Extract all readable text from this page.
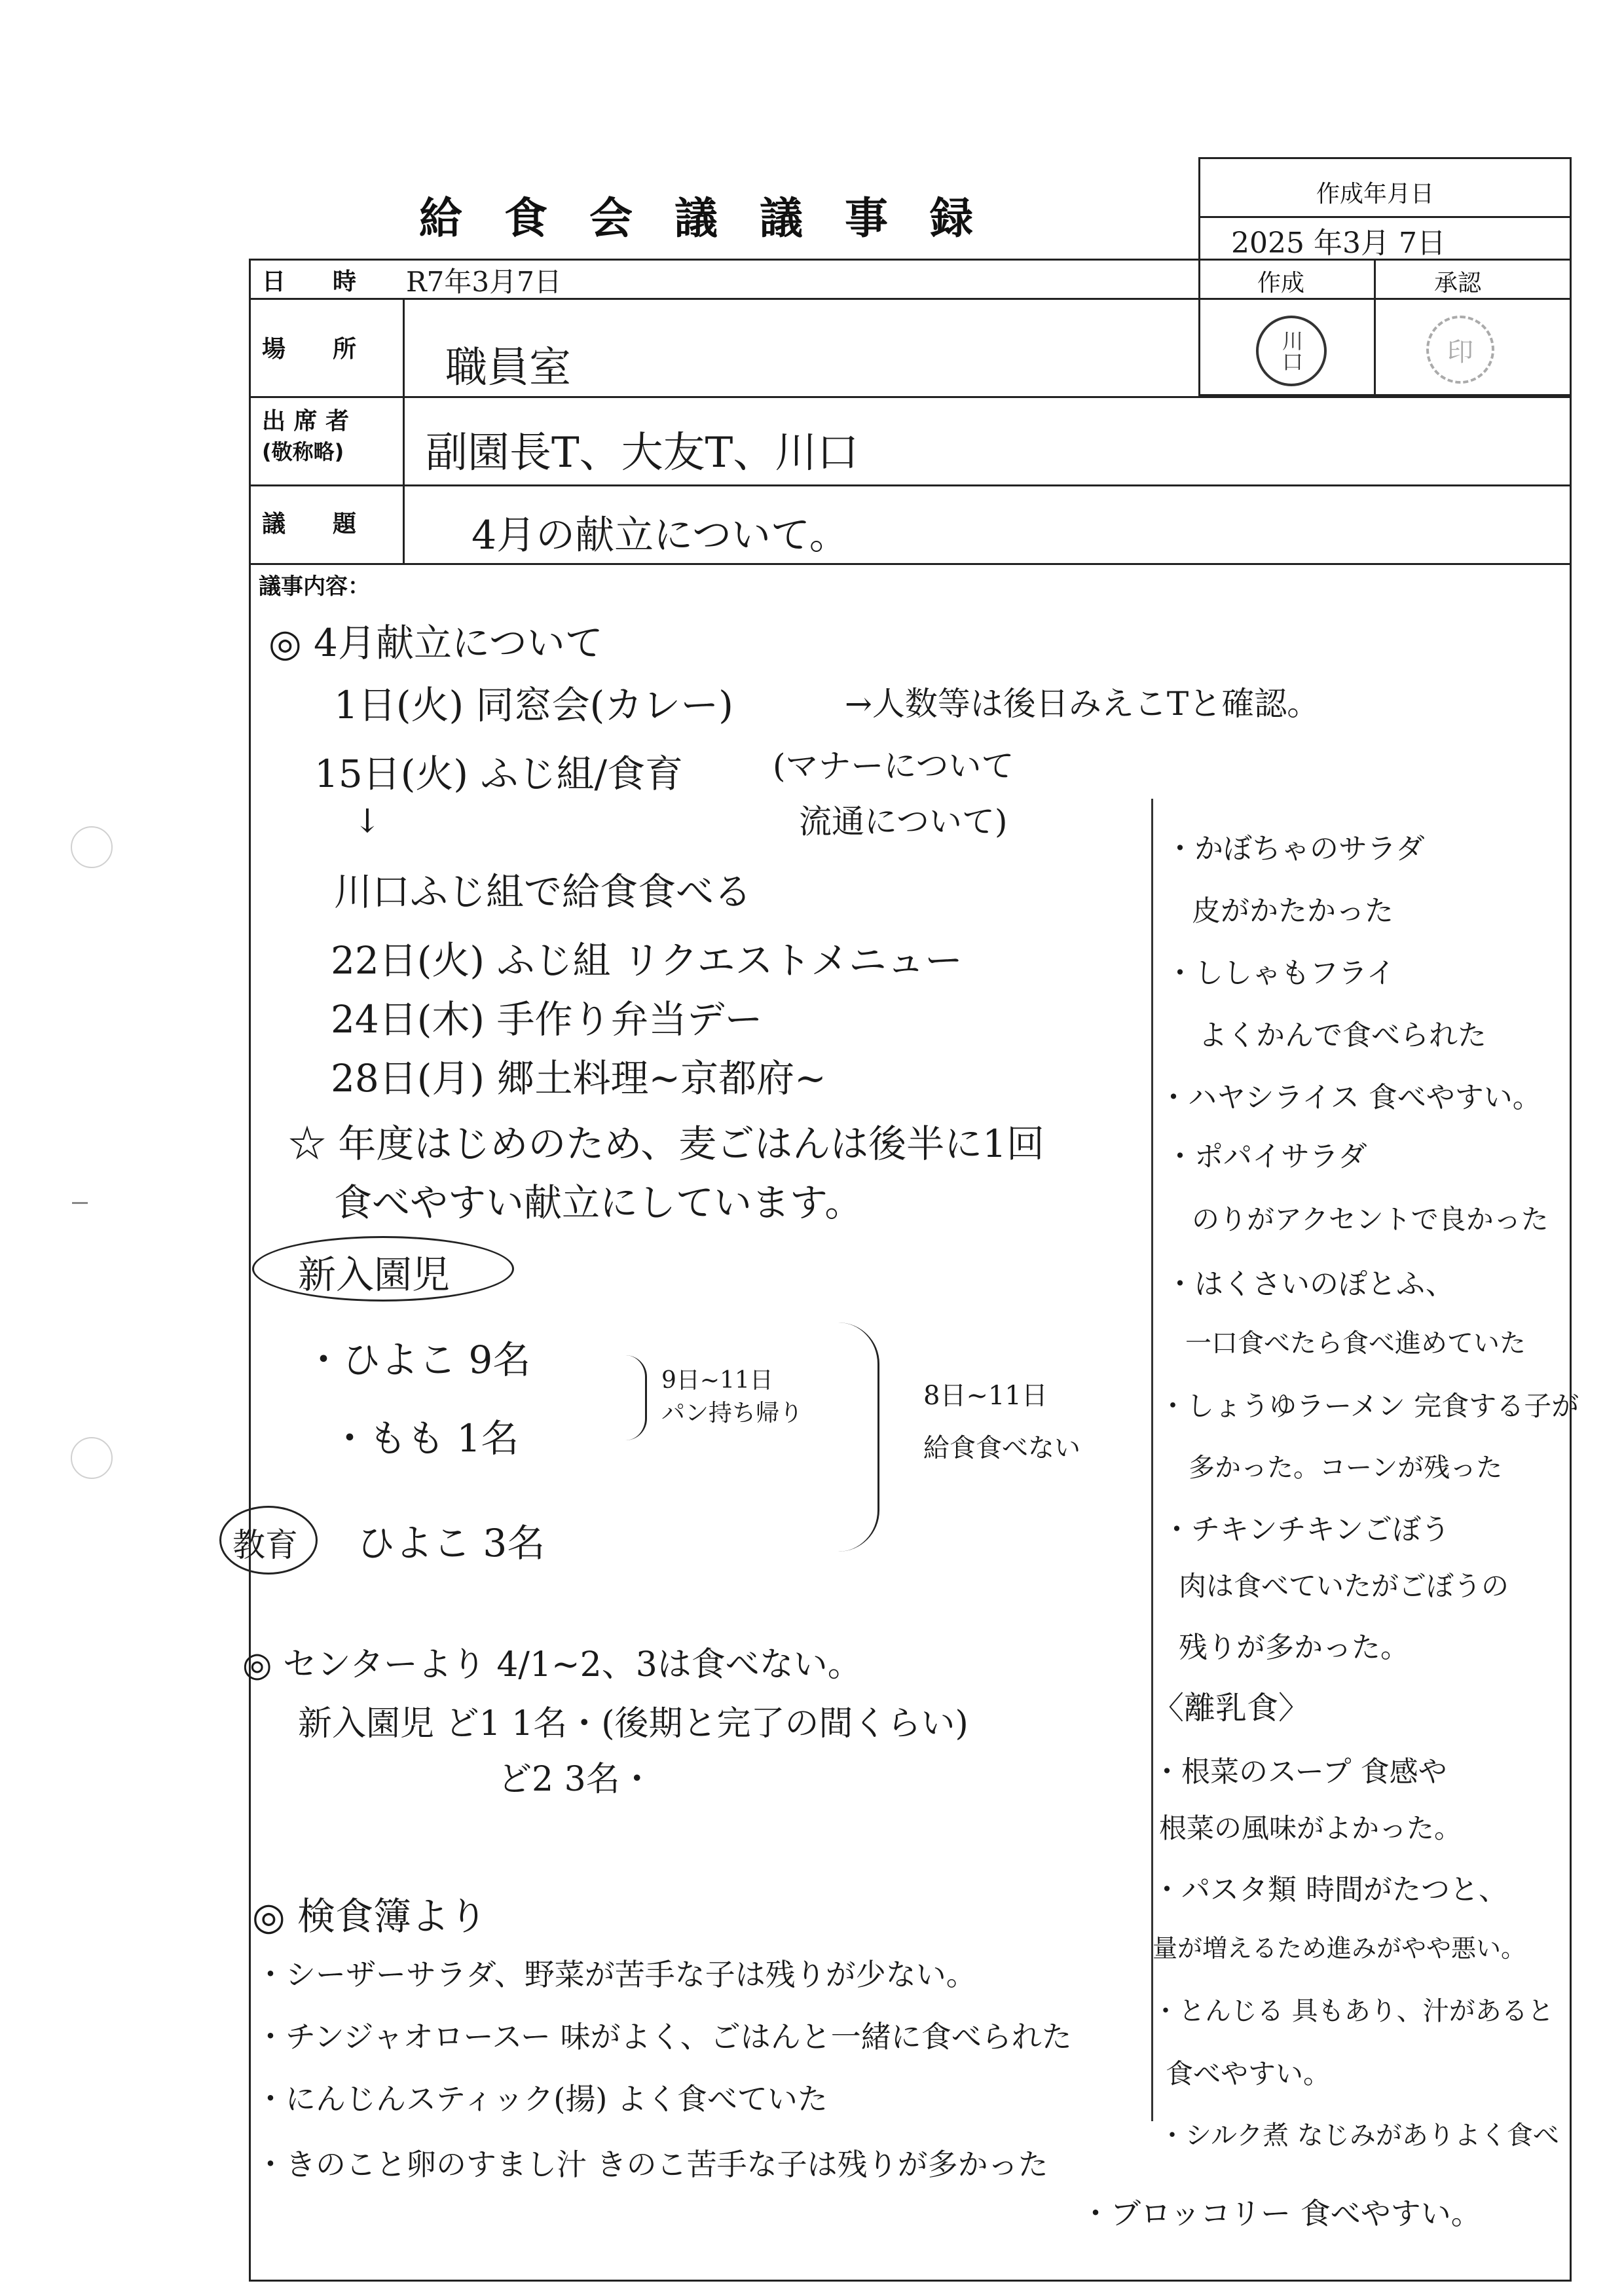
給食会議議事録	作成年月日
2025 年3月 7日
作成	承認
川口	印
日　　時 R7年3月7日
場　　所 職員室
出 席 者
(敬称略) 副園長T、大友T、川口
議　　題	4月の献立について。
議事内容：
◎ 4月献立について
1日(火) 同窓会(カレー)	→人数等は後日みえこTと確認。
15日(火) ふじ組/食育	(マナーについて
流通について)
↓
川口ふじ組で給食食べる
22日(火) ふじ組 リクエストメニュー
24日(木) 手作り弁当デー
28日(月) 郷土料理~京都府~
☆ 年度はじめのため、麦ごはんは後半に1回
食べやすい献立にしています。
新入園児
・ひよこ 9名
・もも 1名
教育 ひよこ 3名
9日~11日
パン持ち帰り
8日~11日
給食食べない
◎ センターより 4/1~2、3は食べない。
新入園児 ど1 1名・(後期と完了の間くらい)
ど2 3名・
◎ 検食簿より
・シーザーサラダ、野菜が苦手な子は残りが少ない。
・チンジャオロースー 味がよく、ごはんと一緒に食べられた
・にんじんスティック(揚) よく食べていた
・きのこと卵のすまし汁 きのこ苦手な子は残りが多かった
・ブロッコリー 食べやすい。
・かぼちゃのサラダ
皮がかたかった
・ししゃもフライ
よくかんで食べられた
・ハヤシライス 食べやすい。
・ポパイサラダ
のりがアクセントで良かった
・はくさいのぽとふ、
一口食べたら食べ進めていた
・しょうゆラーメン 完食する子が
多かった。コーンが残った
・チキンチキンごぼう
肉は食べていたがごぼうの
残りが多かった。
〈離乳食〉
・根菜のスープ 食感や
根菜の風味がよかった。
・パスタ類 時間がたつと、
量が増えるため進みがやや悪い。
・とんじる 具もあり、汁があると
食べやすい。
・シルク煮 なじみがありよく食べ
